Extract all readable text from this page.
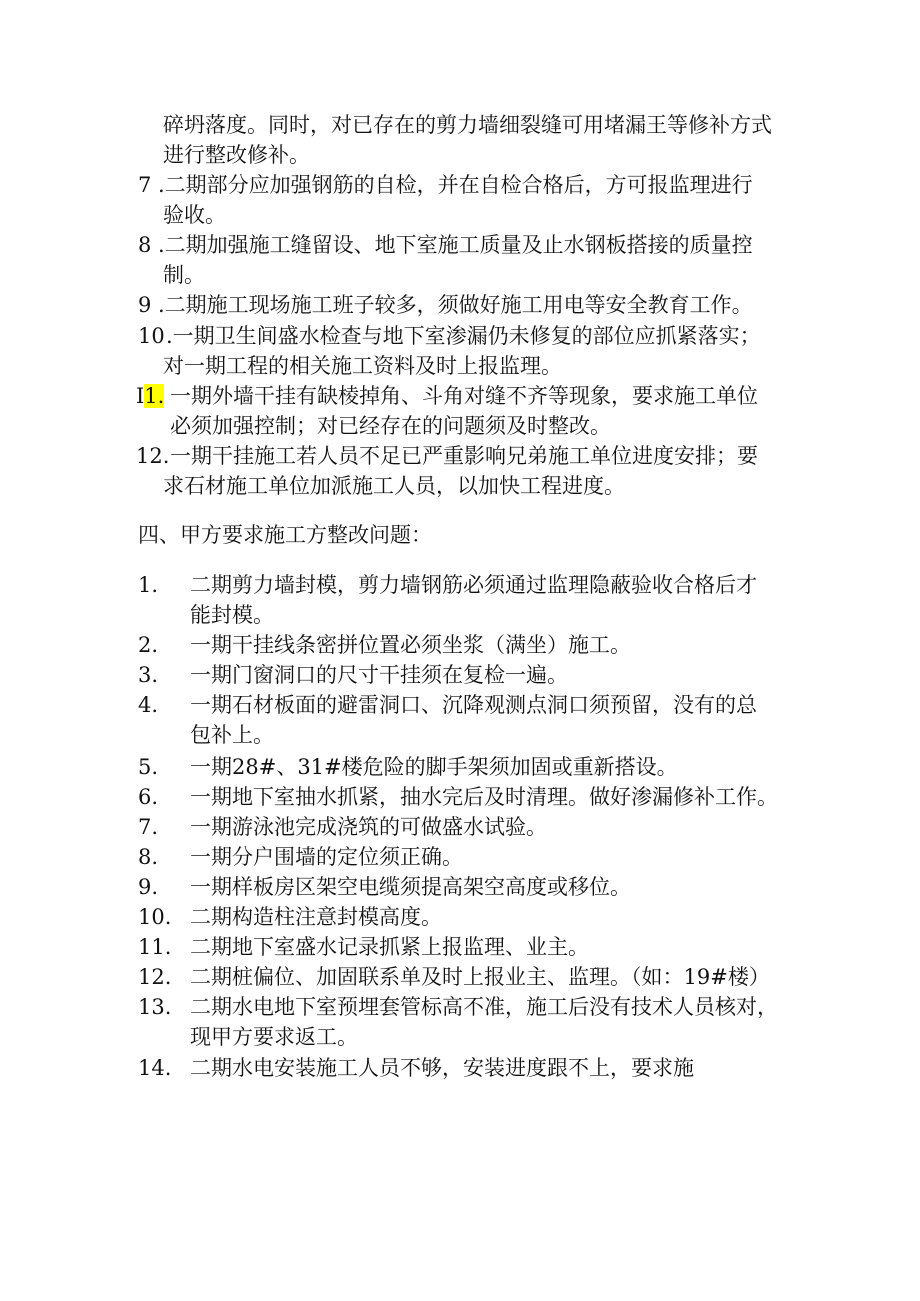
碎坍落度。同时，对已存在的剪力墙细裂缝可用堵漏王等修补方式
进行整改修补。
7 .二期部分应加强钢筋的自检，并在自检合格后，方可报监理进行
验收。
8 .二期加强施工缝留设、地下室施工质量及止水钢板搭接的质量控
制。
9 .二期施工现场施工班子较多，须做好施工用电等安全教育工作。
10 .一期卫生间盛水检查与地下室渗漏仍未修复的部位应抓紧落实；
对一期工程的相关施工资料及时上报监理。
I1. 一期外墙干挂有缺棱掉角、斗角对缝不齐等现象，要求施工单位
必须加强控制；对已经存在的问题须及时整改。
12. 一期干挂施工若人员不足已严重影响兄弟施工单位进度安排；要
求石材施工单位加派施工人员，以加快工程进度。
四、甲方要求施工方整改问题：
1. 二期剪力墙封模，剪力墙钢筋必须通过监理隐蔽验收合格后才
能封模。
2. 一期干挂线条密拼位置必须坐浆（满坐）施工。
3. 一期门窗洞口的尺寸干挂须在复检一遍。
4. 一期石材板面的避雷洞口、沉降观测点洞口须预留，没有的总
包补上。
5. 一期28#、31#楼危险的脚手架须加固或重新搭设。
6. 一期地下室抽水抓紧，抽水完后及时清理。做好渗漏修补工作。
7. 一期游泳池完成浇筑的可做盛水试验。
8. 一期分户围墙的定位须正确。
9. 一期样板房区架空电缆须提高架空高度或移位。
10. 二期构造柱注意封模高度。
11. 二期地下室盛水记录抓紧上报监理、业主。
12. 二期桩偏位、加固联系单及时上报业主、监理。（如：19#楼）
13. 二期水电地下室预埋套管标高不准，施工后没有技术人员核对，
现甲方要求返工。
14. 二期水电安装施工人员不够，安装进度跟不上，要求施
